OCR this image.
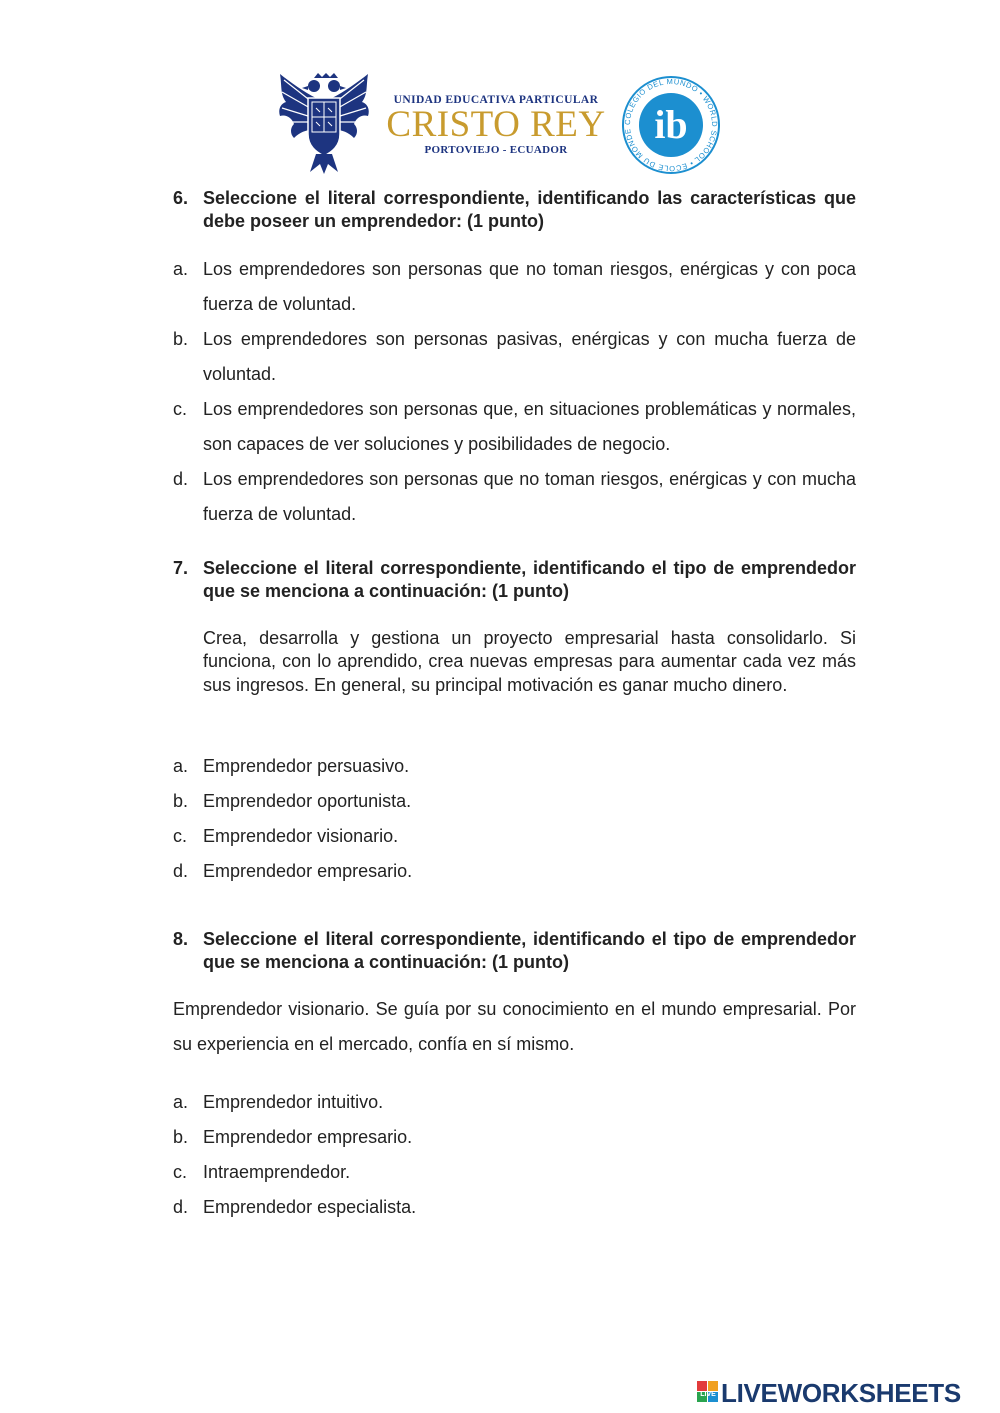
UNIDAD EDUCATIVA PARTICULAR
CRISTO REY
PORTOVIEJO - ECUADOR
COLEGIO DEL MUNDO • WORLD SCHOOL • ÉCOLE DU MONDE ib
6. Seleccione el literal correspondiente, identificando las características que debe poseer un emprendedor: (1 punto)
a. Los emprendedores son personas que no toman riesgos, enérgicas y con poca fuerza de voluntad.
b. Los emprendedores son personas pasivas, enérgicas y con mucha fuerza de voluntad.
c. Los emprendedores son personas que, en situaciones problemáticas y normales, son capaces de ver soluciones y posibilidades de negocio.
d. Los emprendedores son personas que no toman riesgos, enérgicas y con mucha fuerza de voluntad.
7. Seleccione el literal correspondiente, identificando el tipo de emprendedor que se menciona a continuación: (1 punto)
Crea, desarrolla y gestiona un proyecto empresarial hasta consolidarlo. Si funciona, con lo aprendido, crea nuevas empresas para aumentar cada vez más sus ingresos. En general, su principal motivación es ganar mucho dinero.
a. Emprendedor persuasivo.
b. Emprendedor oportunista.
c. Emprendedor visionario.
d. Emprendedor empresario.
8. Seleccione el literal correspondiente, identificando el tipo de emprendedor que se menciona a continuación: (1 punto)
Emprendedor visionario. Se guía por su conocimiento en el mundo empresarial. Por su experiencia en el mercado, confía en sí mismo.
a. Emprendedor intuitivo.
b. Emprendedor empresario.
c. Intraemprendedor.
d. Emprendedor especialista.
LIVE LIVEWORKSHEETS
